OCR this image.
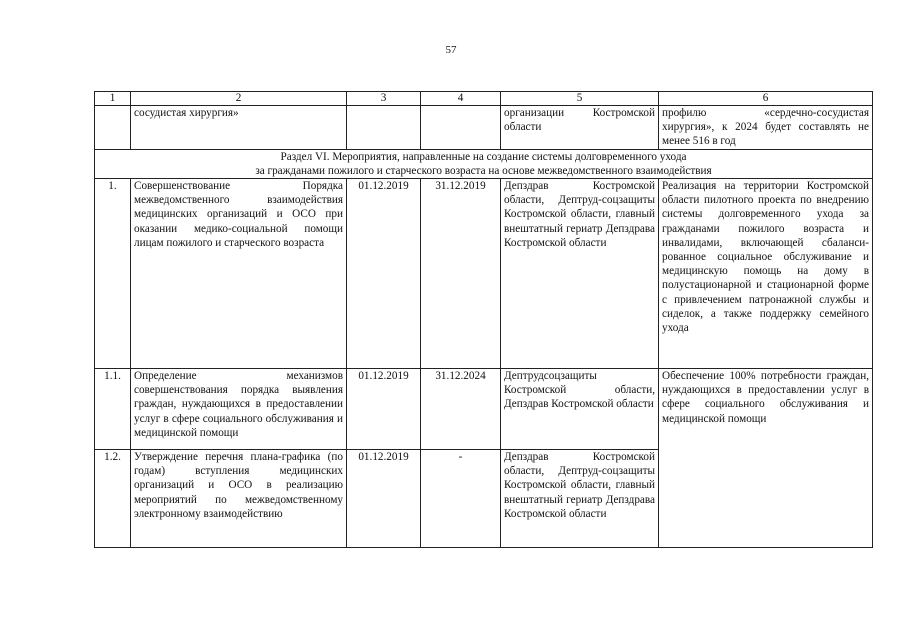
57
1	2	3	4	5	6
	сосудистая хирургия»			организации Костромской области	профилю «сердечно-сосудистая хирургия», к 2024 будет составлять не менее 516 в год

Раздел VI. Мероприятия, направленные на создание системы долговременного ухода
за гражданами пожилого и старческого возраста на основе межведомственного взаимодействия					

1.	Совершенствование Порядка межведомственного взаимодействия медицинских организаций и ОСО при оказании медико-социальной помощи лицам пожилого и старческого возраста	01.12.2019	31.12.2019	Депздрав Костромской области, Дептруд-соцзащиты Костромской области, главный внештатный гериатр Депздрава Костромской области	Реализация на территории Костромской области пилотного проекта по внедрению системы долговременного ухода за гражданами пожилого возраста и инвалидами, включающей сбаланси-рованное социальное обслуживание и медицинскую помощь на дому в полустационарной и стационарной форме с привлечением патронажной службы и сиделок, а также поддержку семейного ухода
1.1.	Определение механизмов совершенствования порядка выявления граждан, нуждающихся в предоставлении услуг в сфере социального обслуживания и медицинской помощи	01.12.2019	31.12.2024	Дептрудсоцзащиты Костромской области, Депздрав Костромской области	Обеспечение 100% потребности граждан, нуждающихся в предоставлении услуг в сфере социального обслуживания и медицинской помощи
1.2.	Утверждение перечня плана-графика (по годам) вступления медицинских организаций и ОСО в реализацию мероприятий по межведомственному электронному взаимодействию	01.12.2019	-	Депздрав Костромской области, Дептруд-соцзащиты Костромской области, главный внештатный гериатр Депздрава Костромской области	
